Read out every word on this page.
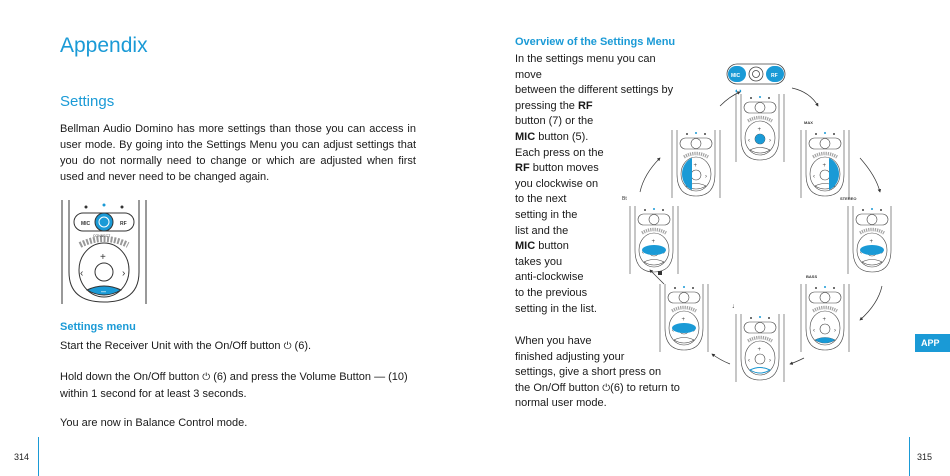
Appendix
Settings

Bellman Audio Domino has more settings than those you can access in user mode. By going into the Settings Menu you can adjust settings that you do not normally need to change or which are adjusted when first used and never need to be changed again.

MIC	RF
CONNECT
+
‹	›
–
Settings menu

Start the Receiver Unit with the On/Off button ⏻ (6).

Hold down the On/Off button ⏻ (6) and press the Volume Button — (10)
within 1 second for at least 3 seconds.

You are now in Balance Control mode.

314
Overview of the Settings Menu
In the settings menu you can move
between the different settings by
pressing the RF
button (7) or the
MIC button (5).
Each press on the
RF button moves
you clockwise on
to the next
setting in the
list and the
MIC button
takes you
anti-clockwise
to the previous
setting in the list.
When you have
finished adjusting your
settings, give a short press on
the On/Off button ⏻(6) to return to
normal user mode.
›
MIC	RF
◖◗
MAX
STEREO
Bt
BASS
♩
APP
315
